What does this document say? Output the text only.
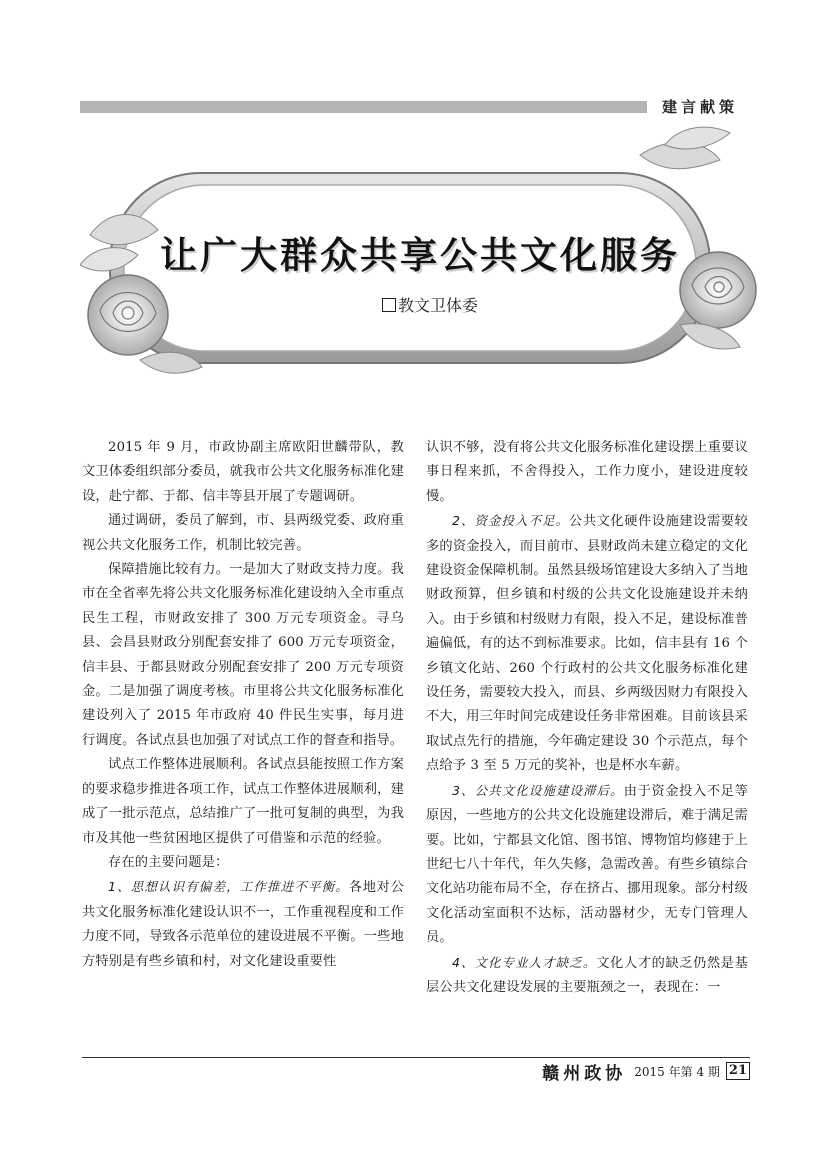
建言献策
让广大群众共享公共文化服务
教文卫体委

2015 年 9 月，市政协副主席欧阳世麟带队，教文卫体委组织部分委员，就我市公共文化服务标准化建设，赴宁都、于都、信丰等县开展了专题调研。

通过调研，委员了解到，市、县两级党委、政府重视公共文化服务工作，机制比较完善。

保障措施比较有力。一是加大了财政支持力度。我市在全省率先将公共文化服务标准化建设纳入全市重点民生工程，市财政安排了 300 万元专项资金。寻乌县、会昌县财政分别配套安排了 600 万元专项资金，信丰县、于都县财政分别配套安排了 200 万元专项资金。二是加强了调度考核。市里将公共文化服务标准化建设列入了 2015 年市政府 40 件民生实事，每月进行调度。各试点县也加强了对试点工作的督查和指导。

试点工作整体进展顺利。各试点县能按照工作方案的要求稳步推进各项工作，试点工作整体进展顺利，建成了一批示范点，总结推广了一批可复制的典型，为我市及其他一些贫困地区提供了可借鉴和示范的经验。

存在的主要问题是：

1、思想认识有偏差，工作推进不平衡。各地对公共文化服务标准化建设认识不一，工作重视程度和工作力度不同，导致各示范单位的建设进展不平衡。一些地方特别是有些乡镇和村，对文化建设重要性

认识不够，没有将公共文化服务标准化建设摆上重要议事日程来抓，不舍得投入，工作力度小，建设进度较慢。

2、资金投入不足。公共文化硬件设施建设需要较多的资金投入，而目前市、县财政尚未建立稳定的文化建设资金保障机制。虽然县级场馆建设大多纳入了当地财政预算，但乡镇和村级的公共文化设施建设并未纳入。由于乡镇和村级财力有限，投入不足，建设标准普遍偏低，有的达不到标准要求。比如，信丰县有 16 个乡镇文化站、260 个行政村的公共文化服务标准化建设任务，需要较大投入，而县、乡两级因财力有限投入不大，用三年时间完成建设任务非常困难。目前该县采取试点先行的措施，今年确定建设 30 个示范点，每个点给予 3 至 5 万元的奖补，也是杯水车薪。

3、公共文化设施建设滞后。由于资金投入不足等原因，一些地方的公共文化设施建设滞后，难于满足需要。比如，宁都县文化馆、图书馆、博物馆均修建于上世纪七八十年代，年久失修，急需改善。有些乡镇综合文化站功能布局不全，存在挤占、挪用现象。部分村级文化活动室面积不达标，活动器材少，无专门管理人员。

4、文化专业人才缺乏。文化人才的缺乏仍然是基层公共文化建设发展的主要瓶颈之一，表现在：一

赣州政协 2015 年第 4 期 21
